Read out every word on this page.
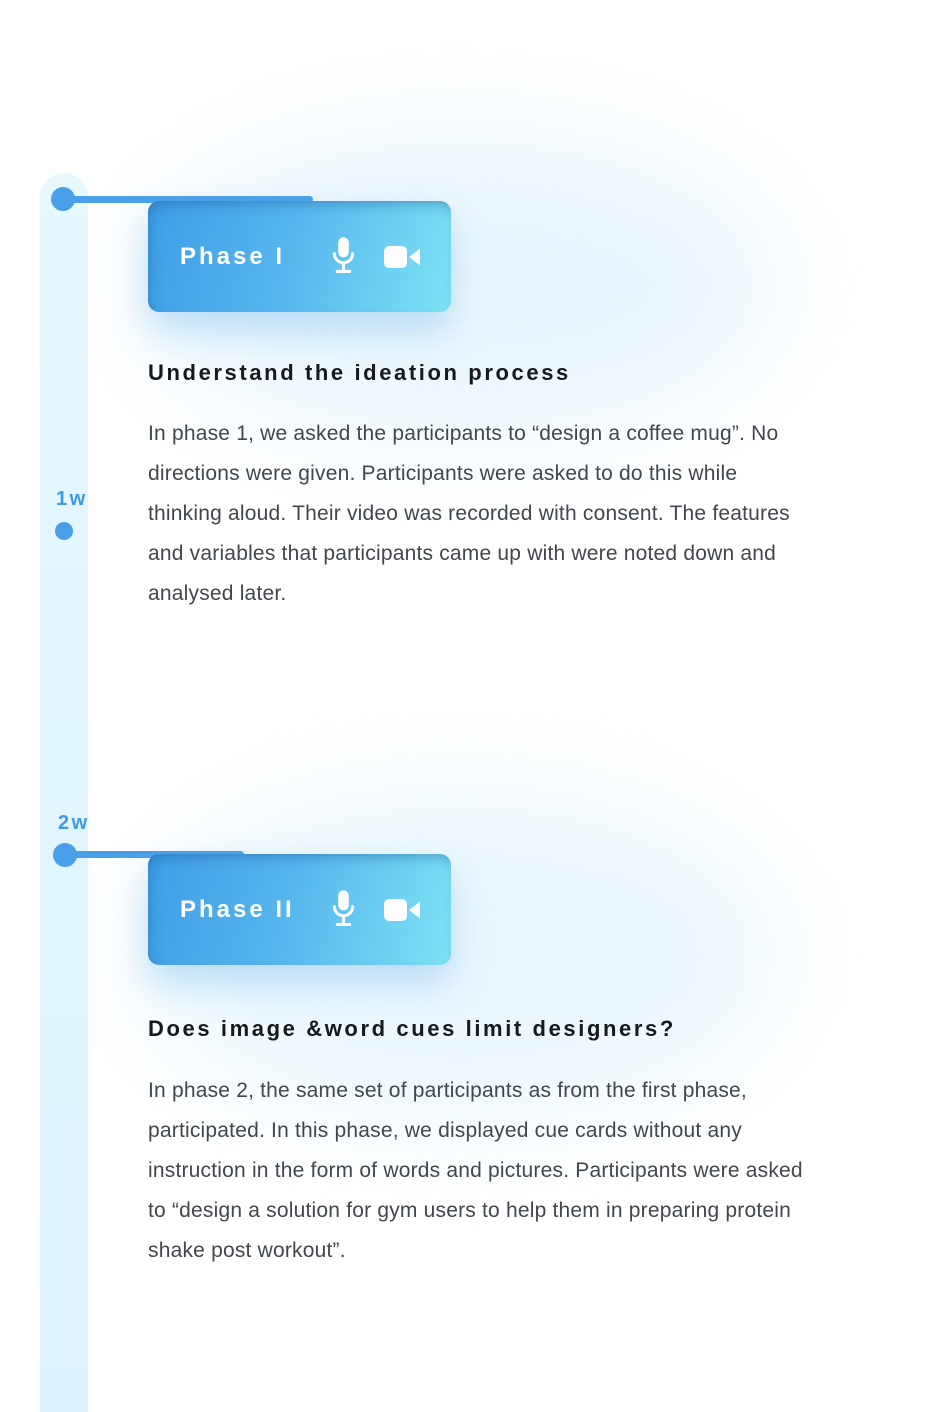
Phase I
Understand the ideation process

In phase 1, we asked the participants to “design a coffee mug”. No directions were given. Participants were asked to do this while thinking aloud. Their video was recorded with consent. The features and variables that participants came up with were noted down and analysed later.

1w
2w
Phase II
Does image &word cues limit designers?

In phase 2, the same set of participants as from the first phase, participated. In this phase, we displayed cue cards without any instruction in the form of words and pictures. Participants were asked to “design a solution for gym users to help them in preparing protein shake post workout”.
